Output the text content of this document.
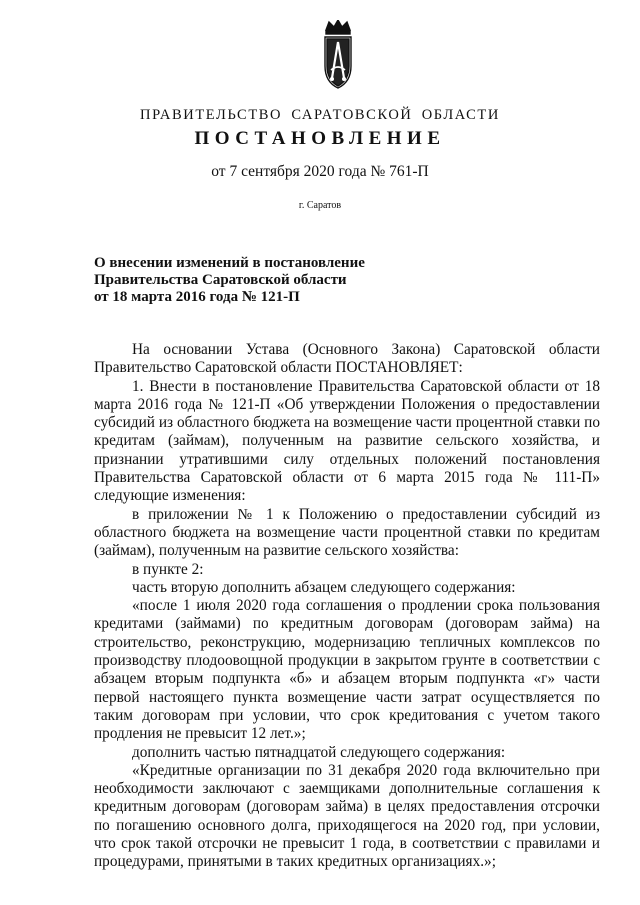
ПРАВИТЕЛЬСТВО САРАТОВСКОЙ ОБЛАСТИ
ПОСТАНОВЛЕНИЕ
от 7 сентября 2020 года № 761-П
г. Саратов
О внесении изменений в постановление
Правительства Саратовской области
от 18 марта 2016 года № 121-П

На основании Устава (Основного Закона) Саратовской области Правительство Саратовской области ПОСТАНОВЛЯЕТ:

1. Внести в постановление Правительства Саратовской области от 18 марта 2016 года № 121-П «Об утверждении Положения о предоставлении субсидий из областного бюджета на возмещение части процентной ставки по кредитам (займам), полученным на развитие сельского хозяйства, и признании утратившими силу отдельных положений постановления Правительства Саратовской области от 6 марта 2015 года № 111-П» следующие изменения:

в приложении № 1 к Положению о предоставлении субсидий из областного бюджета на возмещение части процентной ставки по кредитам (займам), полученным на развитие сельского хозяйства:

в пункте 2:

часть вторую дополнить абзацем следующего содержания:

«после 1 июля 2020 года соглашения о продлении срока пользования кредитами (займами) по кредитным договорам (договорам займа) на строительство, реконструкцию, модернизацию тепличных комплексов по производству плодоовощной продукции в закрытом грунте в соответствии с абзацем вторым подпункта «б» и абзацем вторым подпункта «г» части первой настоящего пункта возмещение части затрат осуществляется по таким договорам при условии, что срок кредитования с учетом такого продления не превысит 12 лет.»;

дополнить частью пятнадцатой следующего содержания:

«Кредитные организации по 31 декабря 2020 года включительно при необходимости заключают с заемщиками дополнительные соглашения к кредитным договорам (договорам займа) в целях предоставления отсрочки по погашению основного долга, приходящегося на 2020 год, при условии, что срок такой отсрочки не превысит 1 года, в соответствии с правилами и процедурами, принятыми в таких кредитных организациях.»;
